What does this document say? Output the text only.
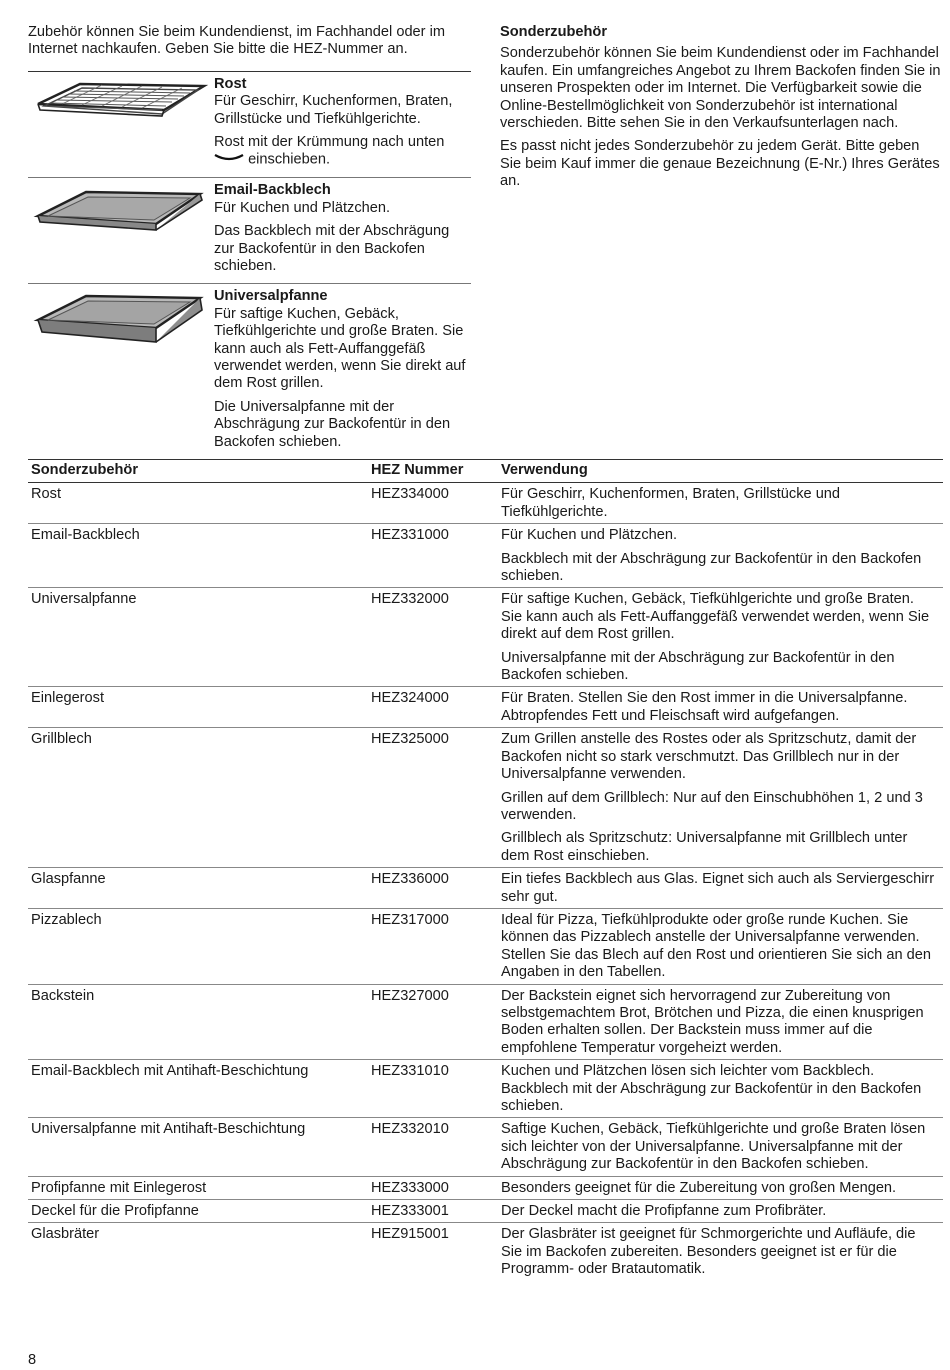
Zubehör können Sie beim Kundendienst, im Fachhandel oder im Internet nachkaufen. Geben Sie bitte die HEZ-Nummer an.

Rost
Für Geschirr, Kuchenformen, Braten, Grillstücke und Tiefkühlgerichte.

Rost mit der Krümmung nach unten
einschieben.

Email-Backblech
Für Kuchen und Plätzchen.

Das Backblech mit der Abschrägung zur Backofentür in den Backofen schieben.

Universalpfanne
Für saftige Kuchen, Gebäck, Tiefkühlgerichte und große Braten. Sie kann auch als Fett-Auffanggefäß verwendet werden, wenn Sie direkt auf dem Rost grillen.

Die Universalpfanne mit der Abschrägung zur Backofentür in den Backofen schieben.

Sonderzubehör

Sonderzubehör können Sie beim Kundendienst oder im Fachhandel kaufen. Ein umfangreiches Angebot zu Ihrem Backofen finden Sie in unseren Prospekten oder im Internet. Die Verfügbarkeit sowie die Online-Bestellmöglichkeit von Sonderzubehör ist international verschieden. Bitte sehen Sie in den Verkaufsunterlagen nach.

Es passt nicht jedes Sonderzubehör zu jedem Gerät. Bitte geben Sie beim Kauf immer die genaue Bezeichnung (E-Nr.) Ihres Gerätes an.

Sonderzubehör	HEZ Nummer	Verwendung
Rost	HEZ334000	Für Geschirr, Kuchenformen, Braten, Grillstücke und Tiefkühlgerichte.

Email-Backblech	HEZ331000	Für Kuchen und Plätzchen.

Backblech mit der Abschrägung zur Backofentür in den Backofen schieben.

Universalpfanne	HEZ332000	Für saftige Kuchen, Gebäck, Tiefkühlgerichte und große Braten. Sie kann auch als Fett-Auffanggefäß verwendet werden, wenn Sie direkt auf dem Rost grillen.

Universalpfanne mit der Abschrägung zur Backofentür in den Backofen schieben.

Einlegerost	HEZ324000	Für Braten. Stellen Sie den Rost immer in die Universalpfanne. Abtropfendes Fett und Fleischsaft wird aufgefangen.

Grillblech	HEZ325000	Zum Grillen anstelle des Rostes oder als Spritzschutz, damit der Backofen nicht so stark verschmutzt. Das Grillblech nur in der Universalpfanne verwenden.

Grillen auf dem Grillblech: Nur auf den Einschubhöhen 1, 2 und 3 verwenden.

Grillblech als Spritzschutz: Universalpfanne mit Grillblech unter dem Rost einschieben.

Glaspfanne	HEZ336000	Ein tiefes Backblech aus Glas. Eignet sich auch als Serviergeschirr sehr gut.

Pizzablech	HEZ317000	Ideal für Pizza, Tiefkühlprodukte oder große runde Kuchen. Sie können das Pizzablech anstelle der Universalpfanne verwenden. Stellen Sie das Blech auf den Rost und orientieren Sie sich an den Angaben in den Tabellen.

Backstein	HEZ327000	Der Backstein eignet sich hervorragend zur Zubereitung von selbstgemachtem Brot, Brötchen und Pizza, die einen knusprigen Boden erhalten sollen. Der Backstein muss immer auf die empfohlene Temperatur vorgeheizt werden.

Email-Backblech mit Antihaft-Beschichtung	HEZ331010	Kuchen und Plätzchen lösen sich leichter vom Backblech. Backblech mit der Abschrägung zur Backofentür in den Backofen schieben.

Universalpfanne mit Antihaft-Beschichtung	HEZ332010	Saftige Kuchen, Gebäck, Tiefkühlgerichte und große Braten lösen sich leichter von der Universalpfanne. Universalpfanne mit der Abschrägung zur Backofentür in den Backofen schieben.

Profipfanne mit Einlegerost	HEZ333000	Besonders geeignet für die Zubereitung von großen Mengen.

Deckel für die Profipfanne	HEZ333001	Der Deckel macht die Profipfanne zum Profibräter.

Glasbräter	HEZ915001	Der Glasbräter ist geeignet für Schmorgerichte und Aufläufe, die Sie im Backofen zubereiten. Besonders geeignet ist er für die Programm- oder Bratautomatik.

8
